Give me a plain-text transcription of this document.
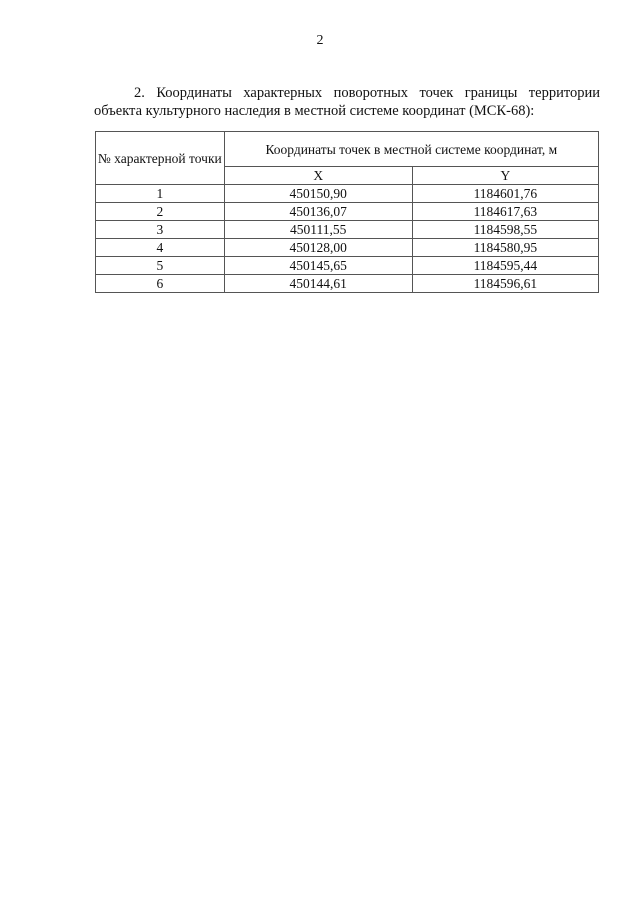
2

2. Координаты характерных поворотных точек границы территории объекта культурного наследия в местной системе координат (МСК-68):

№ характерной точки	Координаты точек в местной системе координат, м	
	X	Y
1	450150,90	1184601,76
2	450136,07	1184617,63
3	450111,55	1184598,55
4	450128,00	1184580,95
5	450145,65	1184595,44
6	450144,61	1184596,61
